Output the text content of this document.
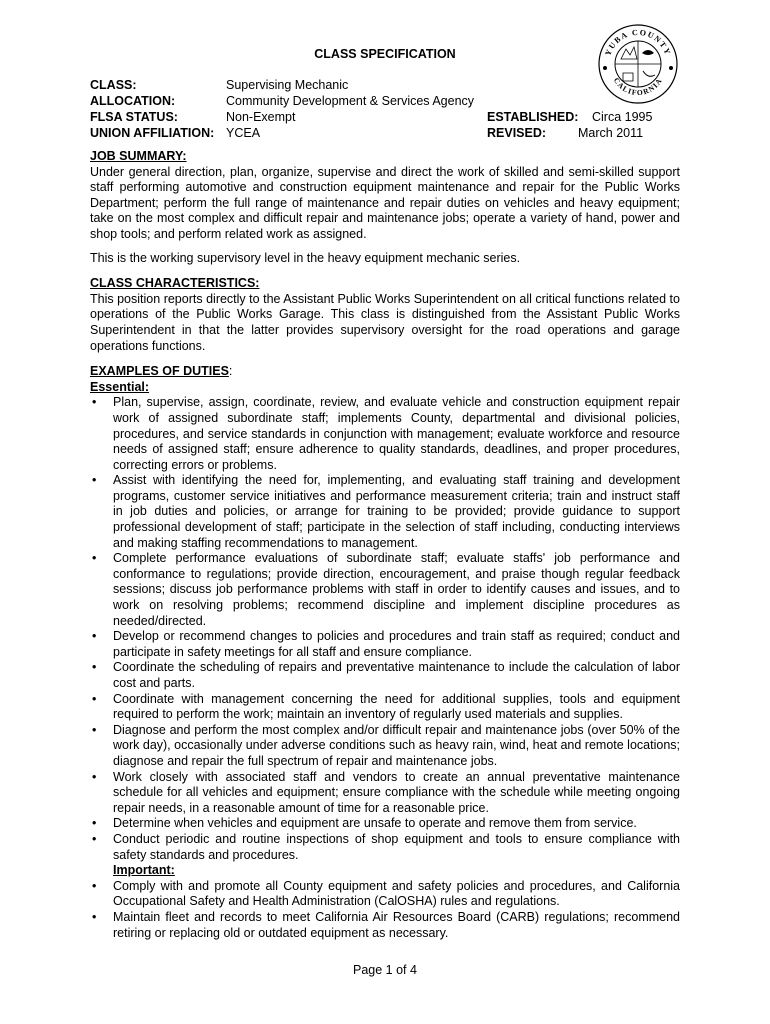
CLASS SPECIFICATION	YUBA COUNTY
CALIFORNIA
CLASS:	Supervising Mechanic
ALLOCATION:	Community Development & Services Agency
FLSA STATUS:	Non-Exempt	ESTABLISHED: Circa 1995
UNION AFFILIATION: YCEA	REVISED:	March 2011
JOB SUMMARY:
Under general direction, plan, organize, supervise and direct the work of skilled and semi-skilled support staff performing automotive and construction equipment maintenance and repair for the Public Works Department; perform the full range of maintenance and repair duties on vehicles and heavy equipment; take on the most complex and difficult repair and maintenance jobs; operate a variety of hand, power and shop tools; and perform related work as assigned.
This is the working supervisory level in the heavy equipment mechanic series.
CLASS CHARACTERISTICS:
This position reports directly to the Assistant Public Works Superintendent on all critical functions related to operations of the Public Works Garage. This class is distinguished from the Assistant Public Works Superintendent in that the latter provides supervisory oversight for the road operations and garage operations functions.
EXAMPLES OF DUTIES:
Essential:
• Plan, supervise, assign, coordinate, review, and evaluate vehicle and construction equipment repair work of assigned subordinate staff; implements County, departmental and divisional policies, procedures, and service standards in conjunction with management; evaluate workforce and resource needs of assigned staff; ensure adherence to quality standards, deadlines, and proper procedures, correcting errors or problems.
• Assist with identifying the need for, implementing, and evaluating staff training and development programs, customer service initiatives and performance measurement criteria; train and instruct staff in job duties and policies, or arrange for training to be provided; provide guidance to support professional development of staff; participate in the selection of staff including, conducting interviews and making staffing recommendations to management.
• Complete performance evaluations of subordinate staff; evaluate staffs' job performance and conformance to regulations; provide direction, encouragement, and praise though regular feedback sessions; discuss job performance problems with staff in order to identify causes and issues, and to work on resolving problems; recommend discipline and implement discipline procedures as needed/directed.
• Develop or recommend changes to policies and procedures and train staff as required; conduct and participate in safety meetings for all staff and ensure compliance.
• Coordinate the scheduling of repairs and preventative maintenance to include the calculation of labor cost and parts.
• Coordinate with management concerning the need for additional supplies, tools and equipment required to perform the work; maintain an inventory of regularly used materials and supplies.
• Diagnose and perform the most complex and/or difficult repair and maintenance jobs (over 50% of the work day), occasionally under adverse conditions such as heavy rain, wind, heat and remote locations; diagnose and repair the full spectrum of repair and maintenance jobs.
• Work closely with associated staff and vendors to create an annual preventative maintenance schedule for all vehicles and equipment; ensure compliance with the schedule while meeting ongoing repair needs, in a reasonable amount of time for a reasonable price.
• Determine when vehicles and equipment are unsafe to operate and remove them from service.
• Conduct periodic and routine inspections of shop equipment and tools to ensure compliance with safety standards and procedures.
Important:
• Comply with and promote all County equipment and safety policies and procedures, and California Occupational Safety and Health Administration (CalOSHA) rules and regulations.
• Maintain fleet and records to meet California Air Resources Board (CARB) regulations; recommend retiring or replacing old or outdated equipment as necessary.
Page 1 of 4
